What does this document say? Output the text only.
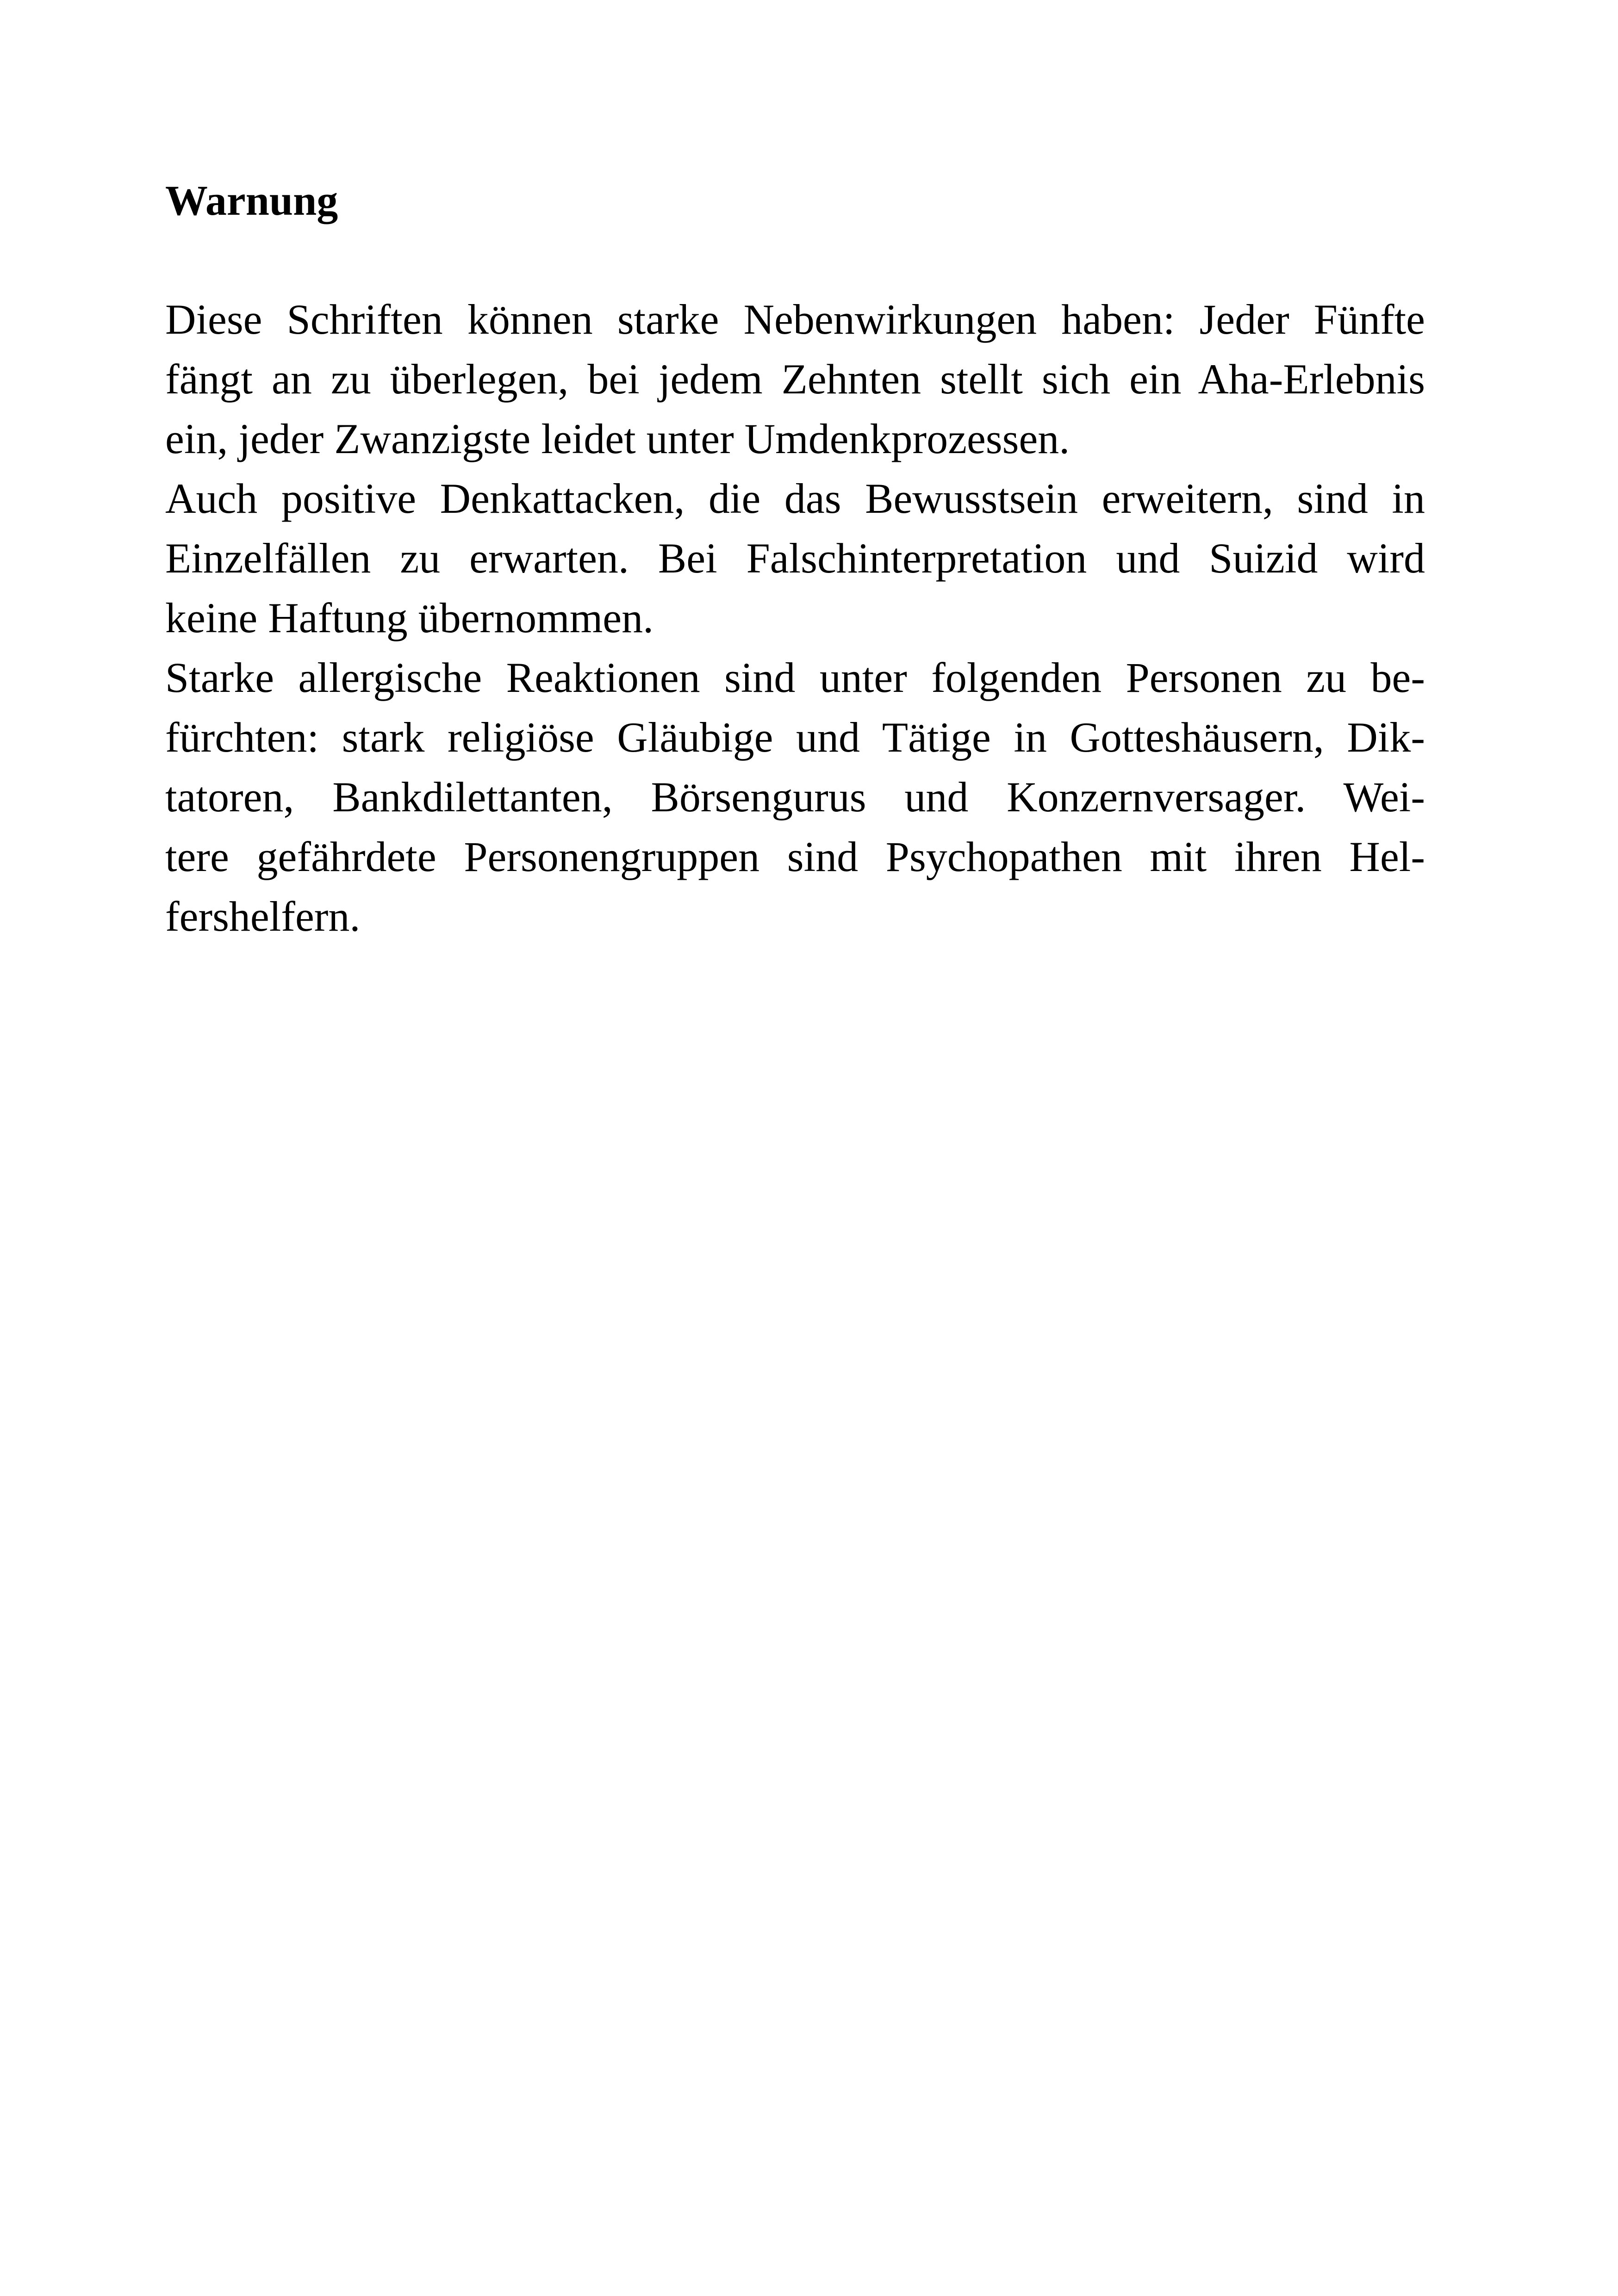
Warnung

Diese Schriften können starke Nebenwirkungen haben: Jeder Fünfte

fängt an zu überlegen, bei jedem Zehnten stellt sich ein Aha-Erlebnis

ein, jeder Zwanzigste leidet unter Umdenkprozessen.

Auch positive Denkattacken, die das Bewusstsein erweitern, sind in

Einzelfällen zu erwarten. Bei Falschinterpretation und Suizid wird

keine Haftung übernommen.

Starke allergische Reaktionen sind unter folgenden Personen zu be-

fürchten: stark religiöse Gläubige und Tätige in Gotteshäusern, Dik-

tatoren, Bankdilettanten, Börsengurus und Konzernversager. Wei-

tere gefährdete Personengruppen sind Psychopathen mit ihren Hel-

fershelfern.
